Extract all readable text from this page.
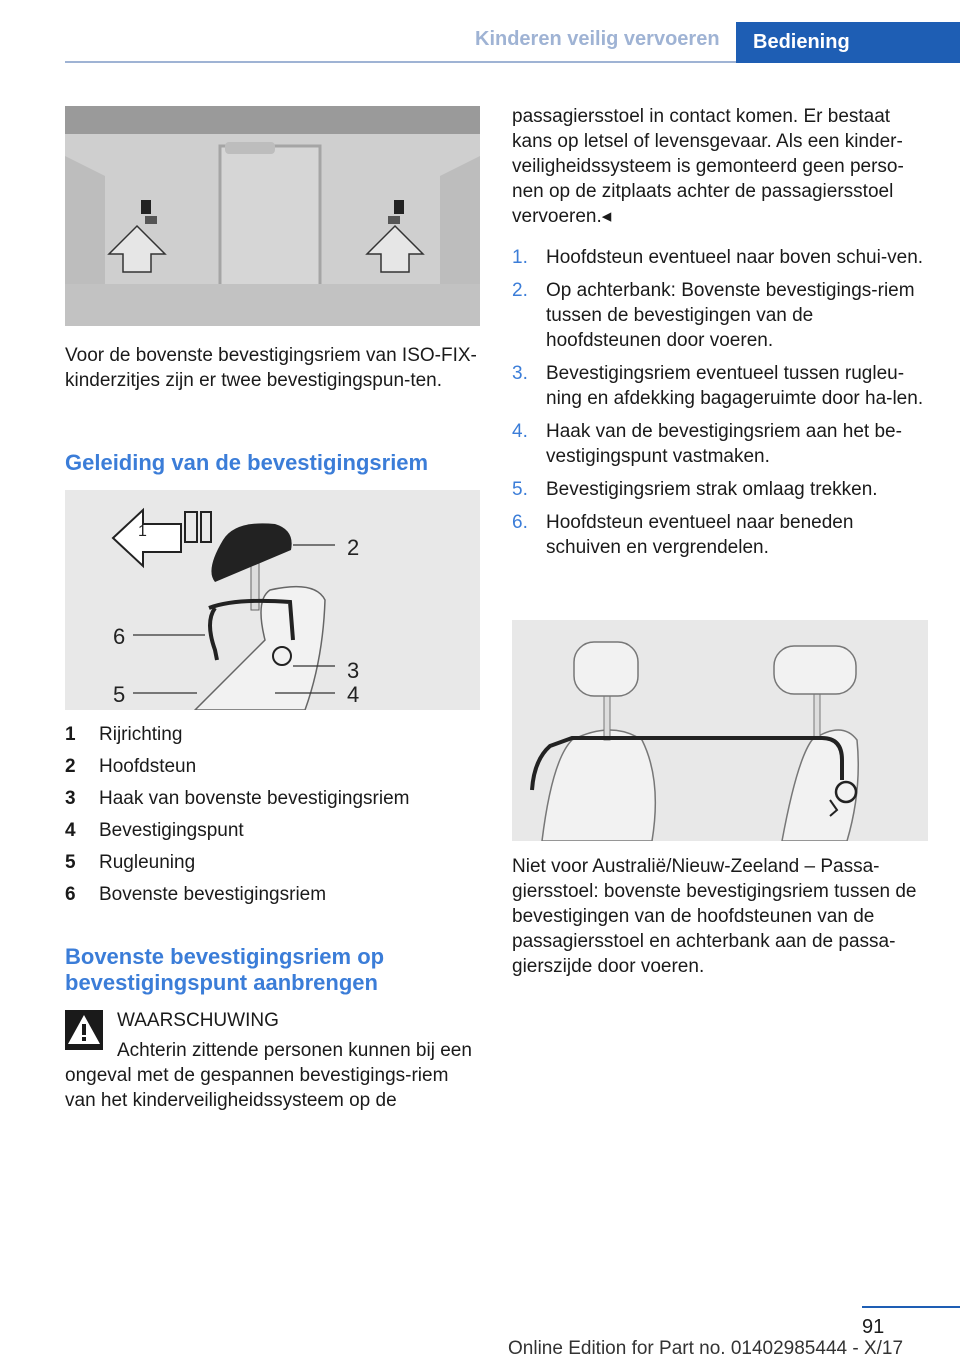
Kinderen veilig vervoeren	Bediening
Voor de bovenste bevestigingsriem van ISO-FIX-kinderzitjes zijn er twee bevestigingspun-ten.
Geleiding van de bevestigingsriem
1
2
6
3
5	4
1 Rijrichting
2 Hoofdsteun
3 Haak van bovenste bevestigingsriem
4 Bevestigingspunt
5 Rugleuning
6 Bovenste bevestigingsriem
Bovenste bevestigingsriem op bevestigingspunt aanbrengen
WAARSCHUWING
Achterin zittende personen kunnen bij een ongeval met de gespannen bevestigings-riem van het kinderveiligheidssysteem op de
passagiersstoel in contact komen. Er bestaat kans op letsel of levensgevaar. Als een kinder-veiligheidssysteem is gemonteerd geen perso-nen op de zitplaats achter de passagiersstoel vervoeren.◂
1. Hoofdsteun eventueel naar boven schui-ven.
2. Op achterbank: Bovenste bevestigings-riem tussen de bevestigingen van de hoofdsteunen door voeren.
3. Bevestigingsriem eventueel tussen rugleu-ning en afdekking bagageruimte door ha-len.
4. Haak van de bevestigingsriem aan het be-vestigingspunt vastmaken.
5. Bevestigingsriem strak omlaag trekken.
6. Hoofdsteun eventueel naar beneden schuiven en vergrendelen.
Niet voor Australië/Nieuw-Zeeland – Passa-giersstoel: bovenste bevestigingsriem tussen de bevestigingen van de hoofdsteunen van de passagiersstoel en achterbank aan de passa-gierszijde door voeren.
91
Online Edition for Part no. 01402985444 - X/17
